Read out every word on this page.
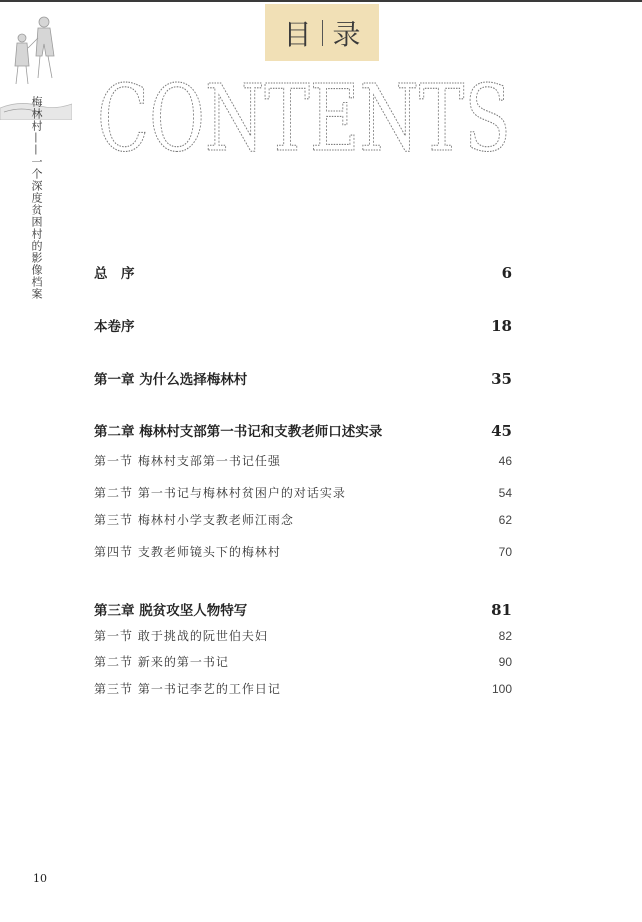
梅林村——一个深度贫困村的影像档案
目 录
CONTENTS
总　序	6
本卷序	18
第一章 为什么选择梅林村	35
第二章 梅林村支部第一书记和支教老师口述实录	45
第一节 梅林村支部第一书记任强	46
第二节 第一书记与梅林村贫困户的对话实录	54
第三节 梅林村小学支教老师江雨念	62
第四节 支教老师镜头下的梅林村	70
第三章 脱贫攻坚人物特写	81
第一节 敢于挑战的阮世伯夫妇	82
第二节 新来的第一书记	90
第三节 第一书记李艺的工作日记	100
10
